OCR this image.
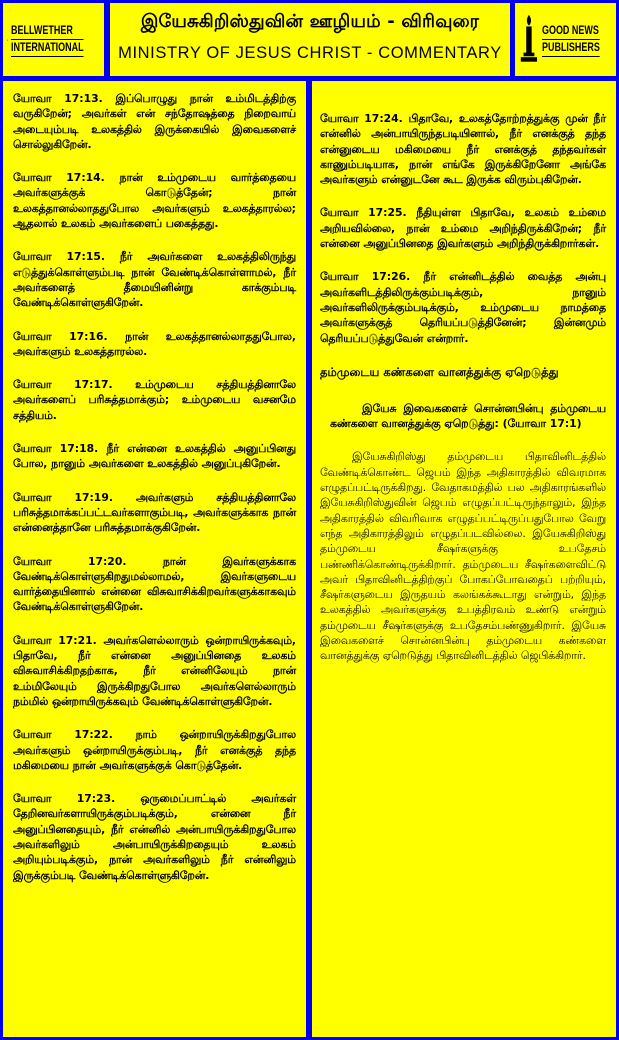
BELLWETHER
INTERNATIONAL
இயேசுகிறிஸ்துவின் ஊழியம் - விரிவுரை
MINISTRY OF JESUS CHRIST - COMMENTARY
GOOD NEWS
PUBLISHERS

யோவா 17:13. இப்பொழுது நான் உம்மிடத்திற்கு வருகிறேன்; அவர்கள் என் சந்தோஷத்தை நிறைவாய் அடையும்படி உலகத்தில் இருக்கையில் இவைகளைச் சொல்லுகிறேன்.

யோவா 17:14. நான் உம்முடைய வார்த்தையை அவர்களுக்குக் கொடுத்தேன்; நான் உலகத்தானல்லாததுபோல அவர்களும் உலகத்தாரல்ல; ஆதலால் உலகம் அவர்களைப் பகைத்தது.

யோவா 17:15. நீர் அவர்களை உலகத்திலிருந்து எடுத்துக்கொள்ளும்படி நான் வேண்டிக்கொள்ளாமல், நீர் அவர்களைத் தீமையினின்று காக்கும்படி வேண்டிக்கொள்ளுகிறேன்.

யோவா 17:16. நான் உலகத்தானல்லாததுபோல, அவர்களும் உலகத்தாரல்ல.

யோவா 17:17. உம்முடைய சத்தியத்தினாலே அவர்களைப் பரிசுத்தமாக்கும்; உம்முடைய வசனமே சத்தியம்.

யோவா 17:18. நீர் என்னை உலகத்தில் அனுப்பினது போல, நானும் அவர்களை உலகத்தில் அனுப்புகிறேன்.

யோவா 17:19. அவர்களும் சத்தியத்தினாலே பரிசுத்தமாக்கப்பட்டவர்களாகும்படி, அவர்களுக்காக நான் என்னைத்தானே பரிசுத்தமாக்குகிறேன்.

யோவா 17:20. நான் இவர்களுக்காக வேண்டிக்கொள்ளுகிறதுமல்லாமல், இவர்களுடைய வார்த்தையினால் என்னை விசுவாசிக்கிறவர்களுக்காகவும் வேண்டிக்கொள்ளுகிறேன்.

யோவா 17:21. அவர்களெல்லாரும் ஒன்றாயிருக்கவும், பிதாவே, நீர் என்னை அனுப்பினதை உலகம் விசுவாசிக்கிறதற்காக, நீர் என்னிலேயும் நான் உம்மிலேயும் இருக்கிறதுபோல அவர்களெல்லாரும் நம்மில் ஒன்றாயிருக்கவும் வேண்டிக்கொள்ளுகிறேன்.

யோவா 17:22. நாம் ஒன்றாயிருக்கிறதுபோல அவர்களும் ஒன்றாயிருக்கும்படி, நீர் எனக்குத் தந்த மகிமையை நான் அவர்களுக்குக் கொடுத்தேன்.

யோவா 17:23. ஒருமைப்பாட்டில் அவர்கள் தேறினவர்களாயிருக்கும்படிக்கும், என்னை நீர் அனுப்பினதையும், நீர் என்னில் அன்பாயிருக்கிறதுபோல அவர்களிலும் அன்பாயிருக்கிறதையும் உலகம் அறியும்படிக்கும், நான் அவர்களிலும் நீர் என்னிலும் இருக்கும்படி வேண்டிக்கொள்ளுகிறேன்.

யோவா 17:24. பிதாவே, உலகத்தோற்றத்துக்கு முன் நீர் என்னில் அன்பாயிருந்தபடியினால், நீர் எனக்குத் தந்த என்னுடைய மகிமையை நீர் எனக்குத் தந்தவர்கள் காணும்படியாக, நான் எங்கே இருக்கிறேனோ அங்கே அவர்களும் என்னுடனே கூட இருக்க விரும்புகிறேன்.

யோவா 17:25. நீதியுள்ள பிதாவே, உலகம் உம்மை அறியவில்லை, நான் உம்மை அறிந்திருக்கிறேன்; நீர் என்னை அனுப்பினதை இவர்களும் அறிந்திருக்கிறார்கள்.

யோவா 17:26. நீர் என்னிடத்தில் வைத்த அன்பு அவர்களிடத்திலிருக்கும்படிக்கும், நானும் அவர்களிலிருக்கும்படிக்கும், உம்முடைய நாமத்தை அவர்களுக்குத் தெரியப்படுத்தினேன்; இன்னமும் தெரியப்படுத்துவேன் என்றார்.

தம்முடைய கண்களை வானத்துக்கு ஏறெடுத்து

இயேசு இவைகளைச் சொன்னபின்பு தம்முடைய கண்களை வானத்துக்கு ஏறெடுத்து: (யோவா 17:1)

இயேசுகிறிஸ்து தம்முடைய பிதாவினிடத்தில் வேண்டிக்கொண்ட ஜெபம் இந்த அதிகாரத்தில் விவரமாக எழுதப்பட்டிருக்கிறது. வேதாகமத்தில் பல அதிகாரங்களில் இயேசுகிறிஸ்துவின் ஜெபம் எழுதப்பட்டிருந்தாலும், இந்த அதிகாரத்தில் விவரிவாக எழுதப்பட்டிருப்பதுபோல வேறு எந்த அதிகாரத்திலும் எழுதப்படவில்லை. இயேசுகிறிஸ்து தம்முடைய சீஷர்களுக்கு உபதேசம் பண்ணிக்கொண்டிருக்கிறார். தம்முடைய சீஷர்களைவிட்டு அவர் பிதாவினிடத்திற்குப் போகப்போவதைப் பற்றியும், சீஷர்களுடைய இருதயம் கலங்கக்கூடாது என்றும், இந்த உலகத்தில் அவர்களுக்கு உபத்திரவம் உண்டு என்றும் தம்முடைய சீஷர்களுக்கு உபதேசம்பண்ணுகிறார். இயேசு இவைகளைச் சொன்னபின்பு தம்முடைய கண்களை வானத்துக்கு ஏறெடுத்து பிதாவினிடத்தில் ஜெபிக்கிறார்.
